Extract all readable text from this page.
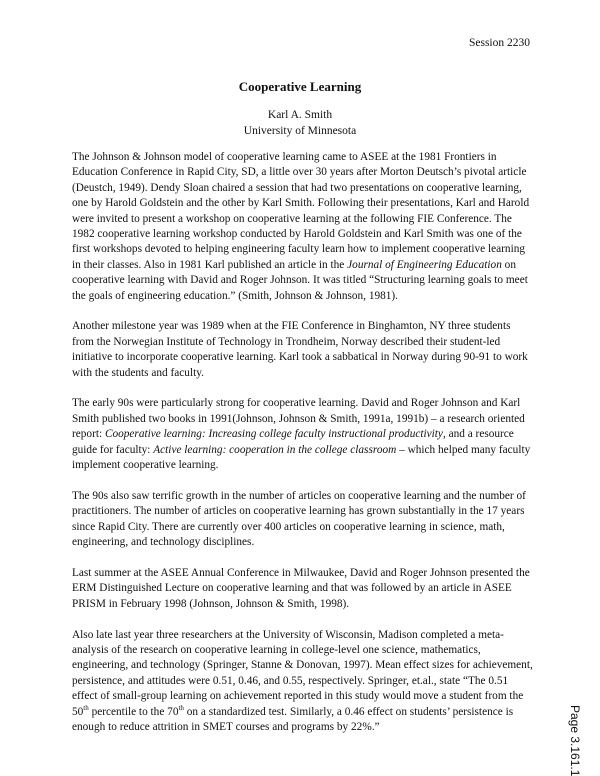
Session 2230
Cooperative Learning
Karl A. Smith
University of Minnesota

The Johnson & Johnson model of cooperative learning came to ASEE at the 1981 Frontiers in Education Conference in Rapid City, SD, a little over 30 years after Morton Deutsch’s pivotal article (Deustch, 1949). Dendy Sloan chaired a session that had two presentations on cooperative learning, one by Harold Goldstein and the other by Karl Smith. Following their presentations, Karl and Harold were invited to present a workshop on cooperative learning at the following FIE Conference. The 1982 cooperative learning workshop conducted by Harold Goldstein and Karl Smith was one of the first workshops devoted to helping engineering faculty learn how to implement cooperative learning in their classes. Also in 1981 Karl published an article in the Journal of Engineering Education on cooperative learning with David and Roger Johnson. It was titled “Structuring learning goals to meet the goals of engineering education.” (Smith, Johnson & Johnson, 1981).

Another milestone year was 1989 when at the FIE Conference in Binghamton, NY three students from the Norwegian Institute of Technology in Trondheim, Norway described their student-led initiative to incorporate cooperative learning. Karl took a sabbatical in Norway during 90-91 to work with the students and faculty.

The early 90s were particularly strong for cooperative learning. David and Roger Johnson and Karl Smith published two books in 1991(Johnson, Johnson & Smith, 1991a, 1991b) – a research oriented report: Cooperative learning: Increasing college faculty instructional productivity, and a resource guide for faculty: Active learning: cooperation in the college classroom – which helped many faculty implement cooperative learning.

The 90s also saw terrific growth in the number of articles on cooperative learning and the number of practitioners. The number of articles on cooperative learning has grown substantially in the 17 years since Rapid City. There are currently over 400 articles on cooperative learning in science, math, engineering, and technology disciplines.

Last summer at the ASEE Annual Conference in Milwaukee, David and Roger Johnson presented the ERM Distinguished Lecture on cooperative learning and that was followed by an article in ASEE PRISM in February 1998 (Johnson, Johnson & Smith, 1998).

Also late last year three researchers at the University of Wisconsin, Madison completed a meta-analysis of the research on cooperative learning in college-level one science, mathematics, engineering, and technology (Springer, Stanne & Donovan, 1997). Mean effect sizes for achievement, persistence, and attitudes were 0.51, 0.46, and 0.55, respectively. Springer, et.al., state “The 0.51 effect of small-group learning on achievement reported in this study would move a student from the 50th percentile to the 70th on a standardized test. Similarly, a 0.46 effect on students’ persistence is enough to reduce attrition in SMET courses and programs by 22%.”	Page 3.161.1
